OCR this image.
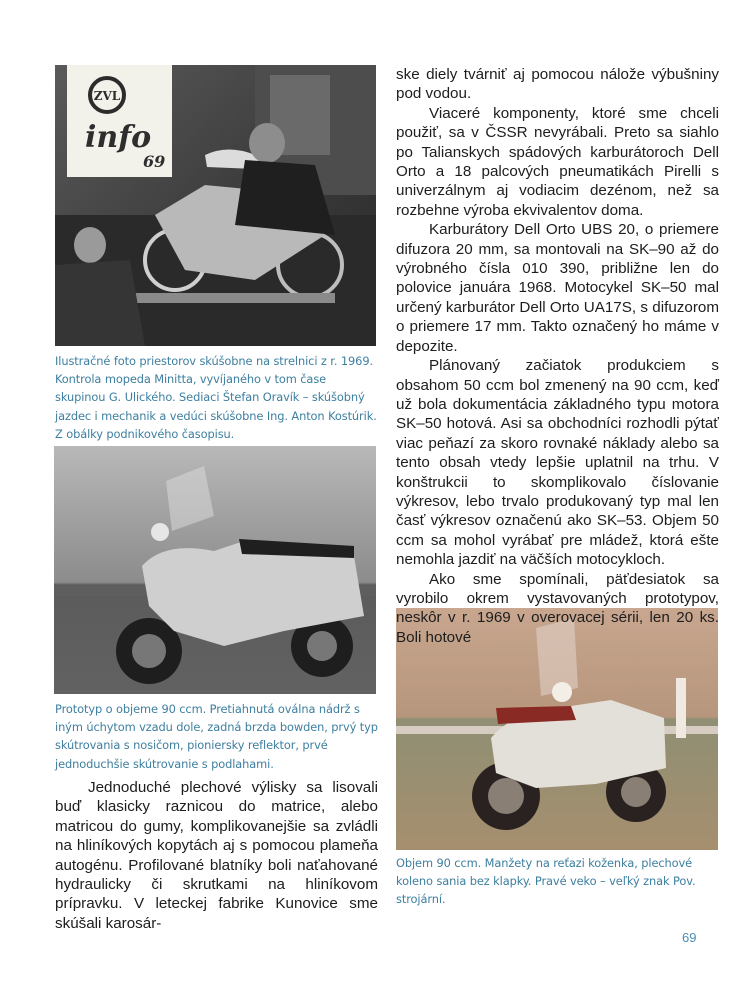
ZVL
info
69

Ilustračné foto priestorov skúšobne na strelnici z r. 1969. Kontrola mopeda Minitta, vyvíjaného v tom čase skupinou G. Ulického. Sediaci Štefan Oravík – skúšobný jazdec i mechanik a vedúci skúšobne Ing. Anton Kostúrik. Z obálky podnikového časopisu.

Prototyp o objeme 90 ccm. Pretiahnutá oválna nádrž s iným úchytom vzadu dole, zadná brzda bowden, prvý typ skútrovania s nosičom, pioniersky reflektor, prvé jednoduchšie skútrovanie s podlahami.

Objem 90 ccm. Manžety na reťazi koženka, plechové koleno sania bez klapky. Pravé veko – veľký znak Pov. strojární.

Jednoduché plechové výlisky sa lisovali buď klasicky raznicou do matrice, alebo matricou do gumy, komplikovanejšie sa zvládli na hliníkových kopytách aj s pomocou plameňa autogénu. Profilované blatníky boli naťahované hydraulicky či skrutkami na hliníkovom prípravku. V leteckej fabrike Kunovice sme skúšali karosár-

ske diely tvárniť aj pomocou nálože výbušniny pod vodou.

Viaceré komponenty, ktoré sme chceli použiť, sa v ČSSR nevyrábali. Preto sa siahlo po Talianskych spádových karburátoroch Dell Orto a 18 palcových pneumatikách Pirelli s univerzálnym aj vodiacim dezénom, než sa rozbehne výroba ekvivalentov doma.

Karburátory Dell Orto UBS 20, o priemere difuzora 20 mm, sa montovali na SK–90 až do výrobného čísla 010 390, približne len do polovice januára 1968. Motocykel SK–50 mal určený karburátor Dell Orto UA17S, s difuzorom o priemere 17 mm. Takto označený ho máme v depozite.

Plánovaný začiatok produkciem s obsahom 50 ccm bol zmenený na 90 ccm, keď už bola dokumentácia základného typu motora SK–50 hotová. Asi sa obchodníci rozhodli pýtať viac peňazí za skoro rovnaké náklady alebo sa tento obsah vtedy lepšie uplatnil na trhu. V konštrukcii to skomplikovalo číslovanie výkresov, lebo trvalo produkovaný typ mal len časť výkresov označenú ako SK–53. Objem 50 ccm sa mohol vyrábať pre mládež, ktorá ešte nemohla jazdiť na väčších motocykloch.

Ako sme spomínali, päťdesiatok sa vyrobilo okrem vystavovaných prototypov, neskôr v r. 1969 v overovacej sérii, len 20 ks. Boli hotové

69
